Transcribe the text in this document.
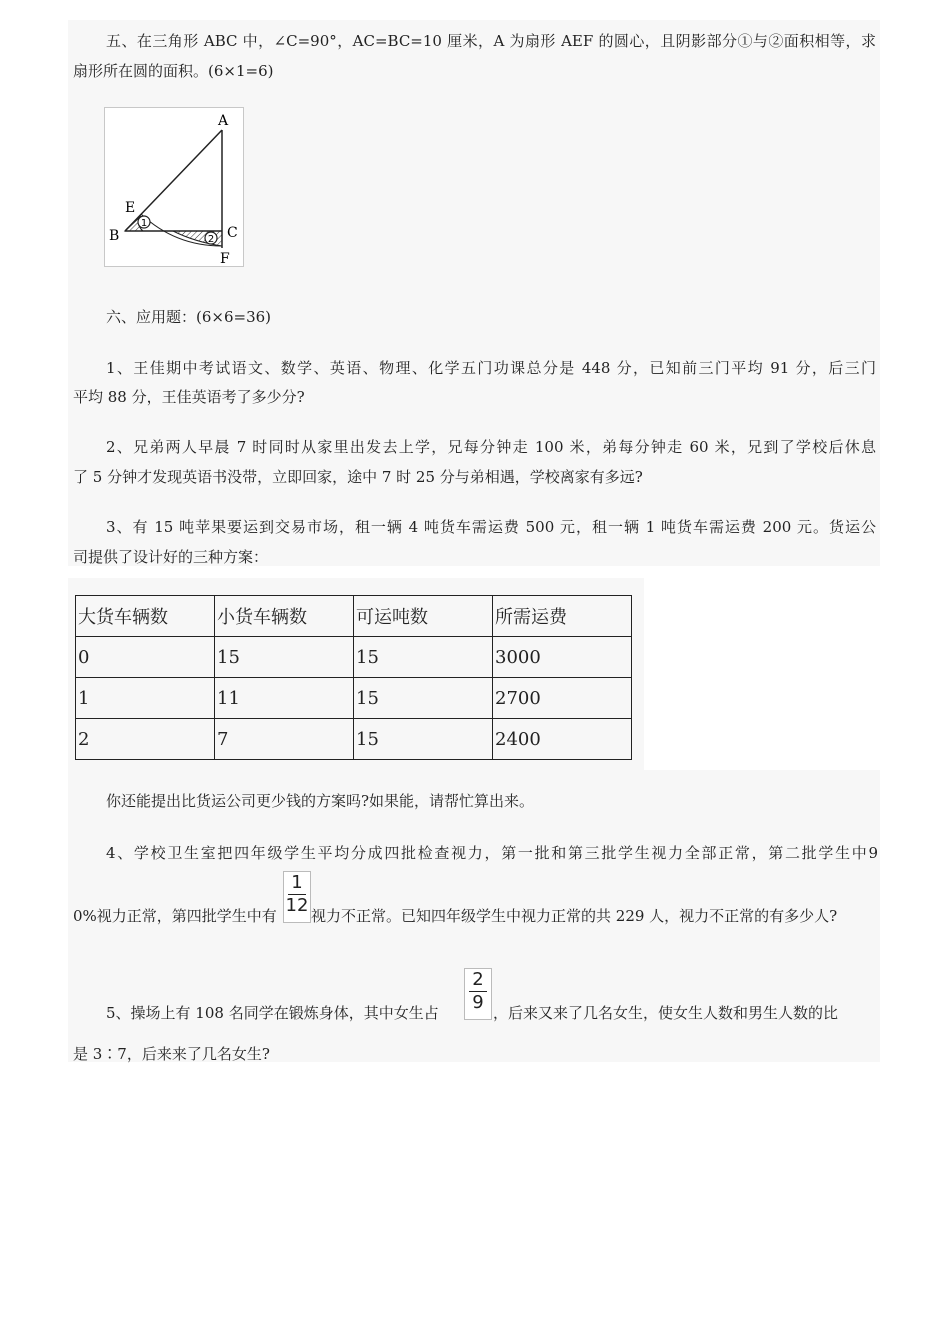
五、在三角形 ABC 中，∠C=90°，AC=BC=10 厘米，A 为扇形 AEF 的圆心，且阴影部分①与②面积相等，求
扇形所在圆的面积。(6×1=6)
1
2
A
B	C
E
F
六、应用题：(6×6=36)
1、王佳期中考试语文、数学、英语、物理、化学五门功课总分是 448 分，已知前三门平均 91 分，后三门
平均 88 分，王佳英语考了多少分?
2、兄弟两人早晨 7 时同时从家里出发去上学，兄每分钟走 100 米，弟每分钟走 60 米，兄到了学校后休息
了 5 分钟才发现英语书没带，立即回家，途中 7 时 25 分与弟相遇，学校离家有多远?
3、有 15 吨苹果要运到交易市场，租一辆 4 吨货车需运费 500 元，租一辆 1 吨货车需运费 200 元。货运公
司提供了设计好的三种方案：
大货车辆数	小货车辆数	可运吨数	所需运费
0	15	15	3000
1	11	15	2700
2	7	15	2400
你还能提出比货运公司更少钱的方案吗?如果能，请帮忙算出来。
4、学校卫生室把四年级学生平均分成四批检查视力，第一批和第三批学生视力全部正常，第二批学生中9
0%视力正常，第四批学生中有
1
12 视力不正常。已知四年级学生中视力正常的共 229 人，视力不正常的有多少人?
5、操场上有 108 名同学在锻炼身体，其中女生占
2
9 ，后来又来了几名女生，使女生人数和男生人数的比
是 3∶7，后来来了几名女生?
